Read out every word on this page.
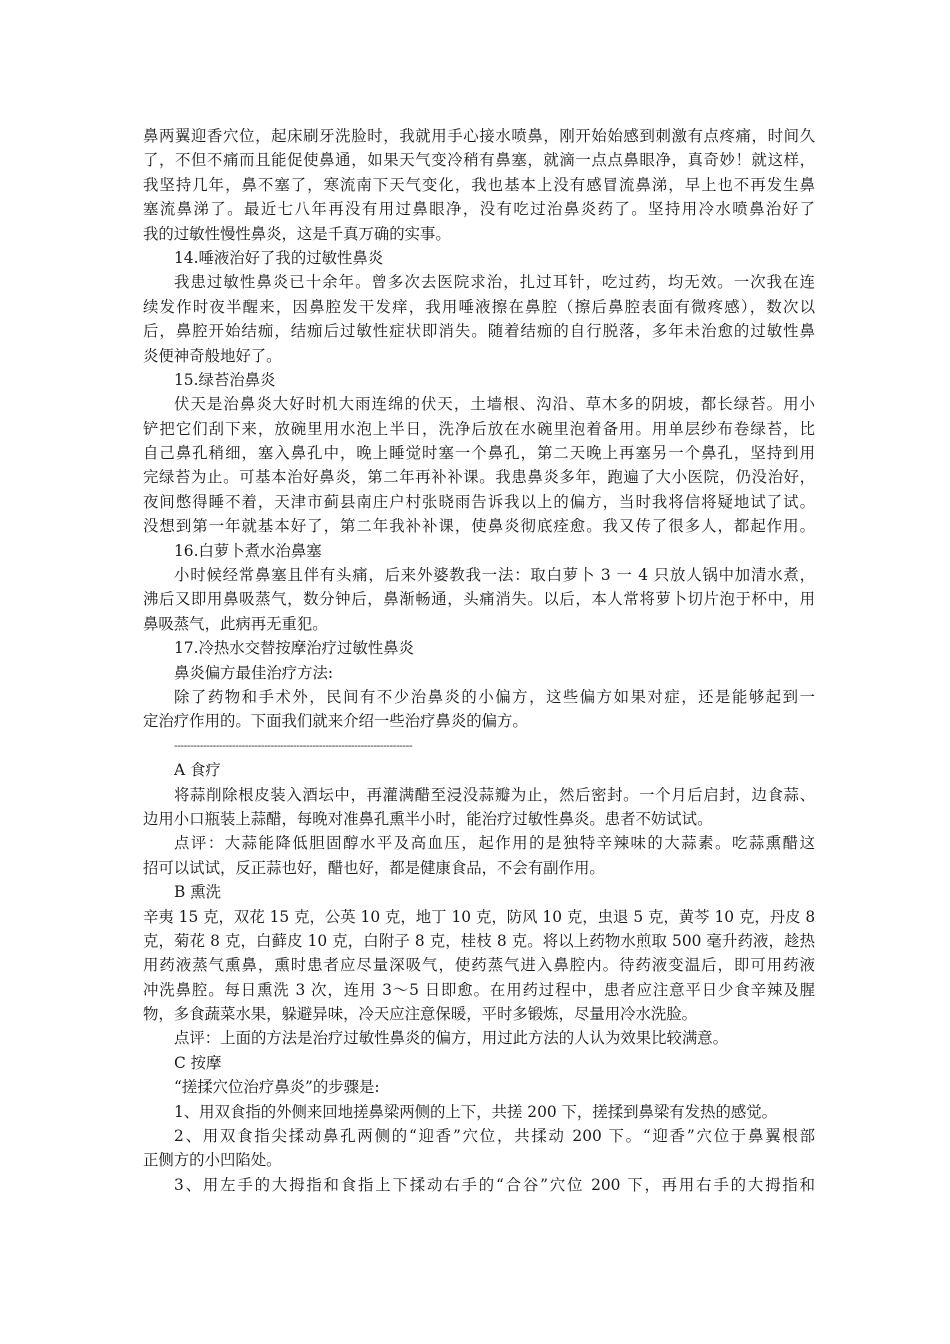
鼻两翼迎香穴位，起床刷牙洗脸时，我就用手心接水喷鼻，刚开始始感到刺激有点疼痛，时间久
了，不但不痛而且能促使鼻通，如果天气变冷稍有鼻塞，就滴一点点鼻眼净，真奇妙！就这样，
我坚持几年，鼻不塞了，寒流南下天气变化，我也基本上没有感冒流鼻涕，早上也不再发生鼻
塞流鼻涕了。最近七八年再没有用过鼻眼净，没有吃过治鼻炎药了。坚持用冷水喷鼻治好了
我的过敏性慢性鼻炎，这是千真万确的实事。
14.唾液治好了我的过敏性鼻炎
我患过敏性鼻炎已十余年。曾多次去医院求治，扎过耳针，吃过药，均无效。一次我在连
续发作时夜半醒来，因鼻腔发干发痒，我用唾液擦在鼻腔（擦后鼻腔表面有微疼感），数次以
后，鼻腔开始结痂，结痂后过敏性症状即消失。随着结痂的自行脱落，多年未治愈的过敏性鼻
炎便神奇般地好了。
15.绿苔治鼻炎
伏天是治鼻炎大好时机大雨连绵的伏天，土墙根、沟沿、草木多的阴坡，都长绿苔。用小
铲把它们刮下来，放碗里用水泡上半日，洗净后放在水碗里泡着备用。用单层纱布卷绿苔，比
自己鼻孔稍细，塞入鼻孔中，晚上睡觉时塞一个鼻孔，第二天晚上再塞另一个鼻孔，坚持到用
完绿苔为止。可基本治好鼻炎，第二年再补补课。我患鼻炎多年，跑遍了大小医院，仍没治好，
夜间憋得睡不着，天津市蓟县南庄户村张晓雨告诉我以上的偏方，当时我将信将疑地试了试。
没想到第一年就基本好了，第二年我补补课，使鼻炎彻底痊愈。我又传了很多人，都起作用。
16.白萝卜煮水治鼻塞
小时候经常鼻塞且伴有头痛，后来外婆教我一法：取白萝卜 3 一 4 只放人锅中加清水煮，
沸后又即用鼻吸蒸气，数分钟后，鼻渐畅通，头痛消失。以后，本人常将萝卜切片泡于杯中，用
鼻吸蒸气，此病再无重犯。
17.冷热水交替按摩治疗过敏性鼻炎
鼻炎偏方最佳治疗方法:
除了药物和手术外，民间有不少治鼻炎的小偏方，这些偏方如果对症，还是能够起到一
定治疗作用的。下面我们就来介绍一些治疗鼻炎的偏方。
--------------------------------------------------------------------------
A 食疗
将蒜削除根皮装入酒坛中，再灌满醋至浸没蒜瓣为止，然后密封。一个月后启封，边食蒜、
边用小口瓶装上蒜醋，每晚对准鼻孔熏半小时，能治疗过敏性鼻炎。患者不妨试试。
点评：大蒜能降低胆固醇水平及高血压，起作用的是独特辛辣味的大蒜素。吃蒜熏醋这
招可以试试，反正蒜也好，醋也好，都是健康食品，不会有副作用。
B 熏洗
辛夷 15 克，双花 15 克，公英 10 克，地丁 10 克，防风 10 克，虫退 5 克，黄芩 10 克，丹皮 8
克，菊花 8 克，白藓皮 10 克，白附子 8 克，桂枝 8 克。将以上药物水煎取 500 毫升药液，趁热
用药液蒸气熏鼻，熏时患者应尽量深吸气，使药蒸气进入鼻腔内。待药液变温后，即可用药液
冲洗鼻腔。每日熏洗 3 次，连用 3～5 日即愈。在用药过程中，患者应注意平日少食辛辣及腥
物，多食蔬菜水果，躲避异味，冷天应注意保暖，平时多锻炼，尽量用冷水洗脸。
点评：上面的方法是治疗过敏性鼻炎的偏方，用过此方法的人认为效果比较满意。
C 按摩
“搓揉穴位治疗鼻炎”的步骤是:
1、用双食指的外侧来回地搓鼻梁两侧的上下，共搓 200 下，搓揉到鼻梁有发热的感觉。
2、用双食指尖揉动鼻孔两侧的“迎香”穴位，共揉动 200 下。“迎香”穴位于鼻翼根部
正侧方的小凹陷处。
3、用左手的大拇指和食指上下揉动右手的“合谷”穴位 200 下，再用右手的大拇指和
